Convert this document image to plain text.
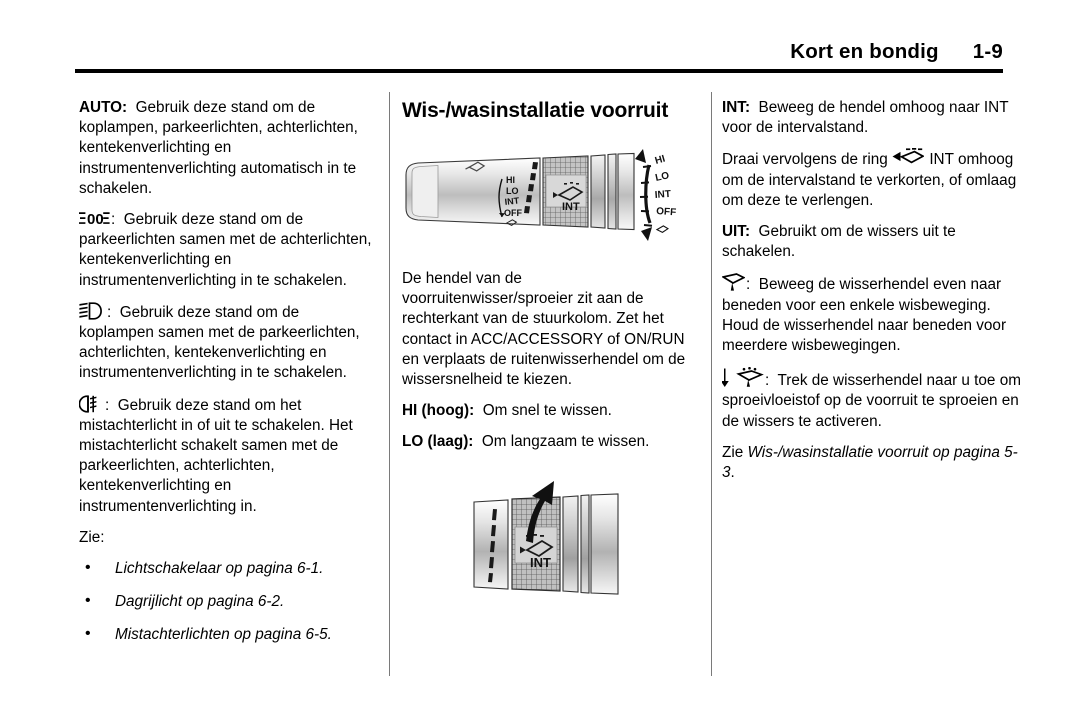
Kort en bondig 1-9

AUTO: Gebruik deze stand om de koplampen, parkeerlichten, achterlichten, kentekenverlichting en instrumentenverlichting automatisch in te schakelen.

00 : Gebruik deze stand om de parkeerlichten samen met de achterlichten, kentekenverlichting en instrumentenverlichting in te schakelen.

: Gebruik deze stand om de koplampen samen met de parkeerlichten, achterlichten, kentekenverlichting en instrumentenverlichting in te schakelen.

: Gebruik deze stand om het mistachterlicht in of uit te schakelen. Het mistachterlicht schakelt samen met de parkeerlichten, achterlichten, kentekenverlichting en instrumentenverlichting in.

Zie:

• Lichtschakelaar op pagina 6-1.
• Dagrijlicht op pagina 6-2.
• Mistachterlichten op pagina 6-5.
Wis-/wasinstallatie voorruit
HI
LO
INT
OFF	INT
HI
LO
INT
OFF

De hendel van de voorruitenwisser/sproeier zit aan de rechterkant van de stuurkolom. Zet het contact in ACC/ACCESSORY of ON/RUN en verplaats de ruitenwisserhendel om de wissersnelheid te kiezen.

HI (hoog): Om snel te wissen.

LO (laag): Om langzaam te wissen.

INT

INT: Beweeg de hendel omhoog naar INT voor de intervalstand.

Draai vervolgens de ring	INT omhoog om de intervalstand te verkorten, of omlaag om deze te verlengen.

UIT: Gebruikt om de wissers uit te schakelen.

: Beweeg de wisserhendel even naar beneden voor een enkele wisbeweging. Houd de wisserhendel naar beneden voor meerdere wisbewegingen.

: Trek de wisserhendel naar u toe om sproeivloeistof op de voorruit te sproeien en de wissers te activeren.

Zie Wis-/wasinstallatie voorruit op pagina 5-3.
